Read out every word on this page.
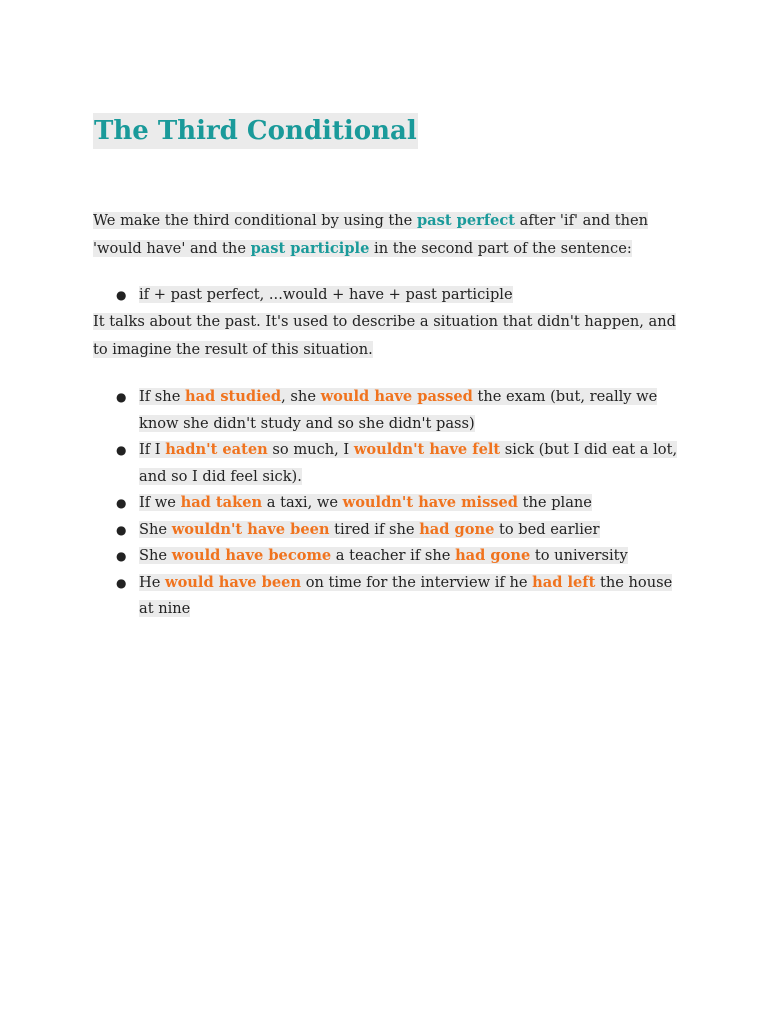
The Third Conditional

We make the third conditional by using the past perfect after 'if' and then 'would have' and the past participle in the second part of the sentence:

● if + past perfect, ...would + have + past participle

It talks about the past. It's used to describe a situation that didn't happen, and to imagine the result of this situation.

● If she had studied, she would have passed the exam (but, really we know she didn't study and so she didn't pass)
● If I hadn't eaten so much, I wouldn't have felt sick (but I did eat a lot, and so I did feel sick).
● If we had taken a taxi, we wouldn't have missed the plane
● She wouldn't have been tired if she had gone to bed earlier
● She would have become a teacher if she had gone to university
● He would have been on time for the interview if he had left the house at nine
